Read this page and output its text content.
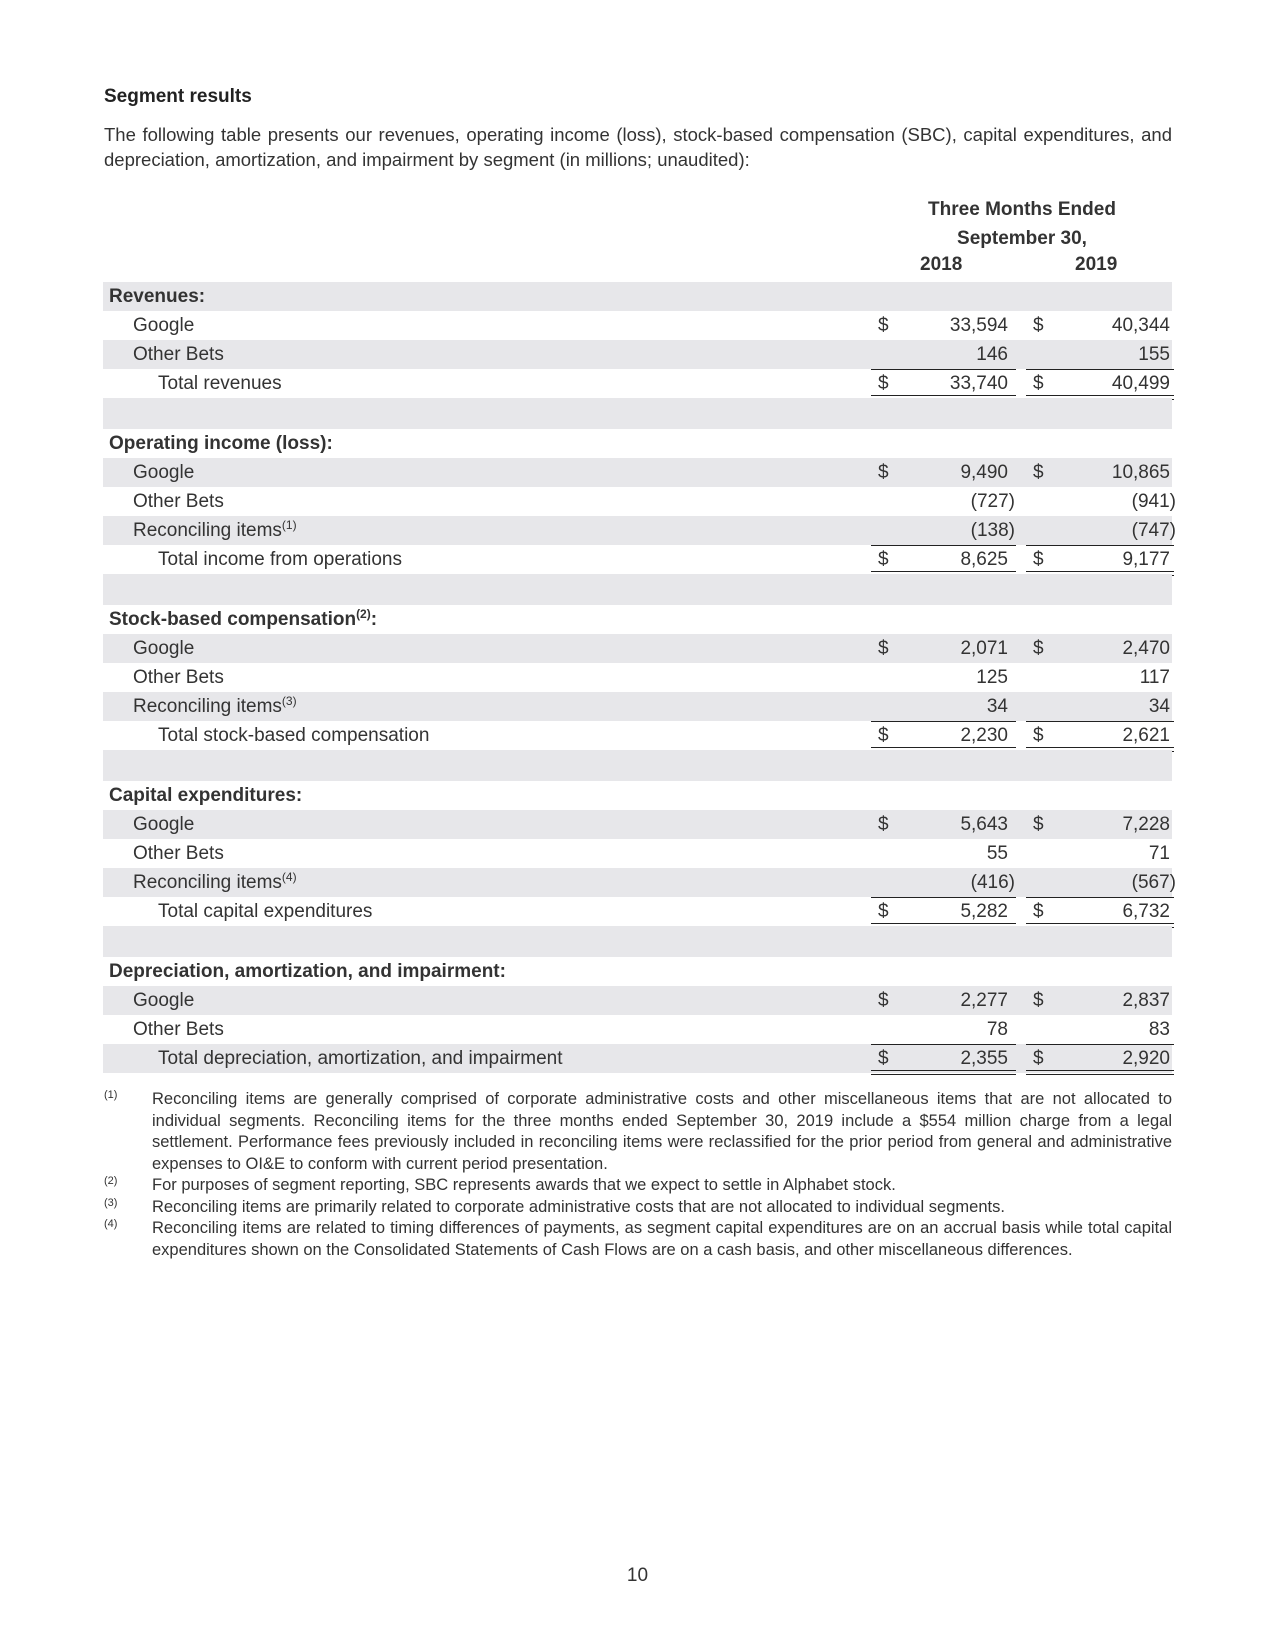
Segment results
The following table presents our revenues, operating income (loss), stock-based compensation (SBC), capital expenditures, and depreciation, amortization, and impairment by segment (in millions; unaudited):
Three Months Ended
September 30,
2018	2019
Revenues:
Google	$	33,594 $	40,344
Other Bets	146	155
Total revenues	$	33,740 $	40,499
Operating income (loss):
Google	$	9,490 $	10,865
Other Bets	(727)	(941)
Reconciling items$^{(1)}$	(138)	(747)
Total income from operations	$	8,625 $	9,177
Stock-based compensation$^{(2)}$:
Google	$	2,071 $	2,470
Other Bets	125	117
Reconciling items$^{(3)}$	34	34
Total stock-based compensation	$	2,230 $	2,621
Capital expenditures:
Google	$	5,643 $	7,228
Other Bets	55	71
Reconciling items$^{(4)}$	(416)	(567)
Total capital expenditures	$	5,282 $	6,732
Depreciation, amortization, and impairment:
Google	$	2,277 $	2,837
Other Bets	78	83
Total depreciation, amortization, and impairment	$	2,355 $	2,920
(1) Reconciling items are generally comprised of corporate administrative costs and other miscellaneous items that are not allocated to individual segments. Reconciling items for the three months ended September 30, 2019 include a $554 million charge from a legal settlement. Performance fees previously included in reconciling items were reclassified for the prior period from general and administrative expenses to OI&E to conform with current period presentation.
(2) For purposes of segment reporting, SBC represents awards that we expect to settle in Alphabet stock.
(3) Reconciling items are primarily related to corporate administrative costs that are not allocated to individual segments.
(4) Reconciling items are related to timing differences of payments, as segment capital expenditures are on an accrual basis while total capital expenditures shown on the Consolidated Statements of Cash Flows are on a cash basis, and other miscellaneous differences.
10
